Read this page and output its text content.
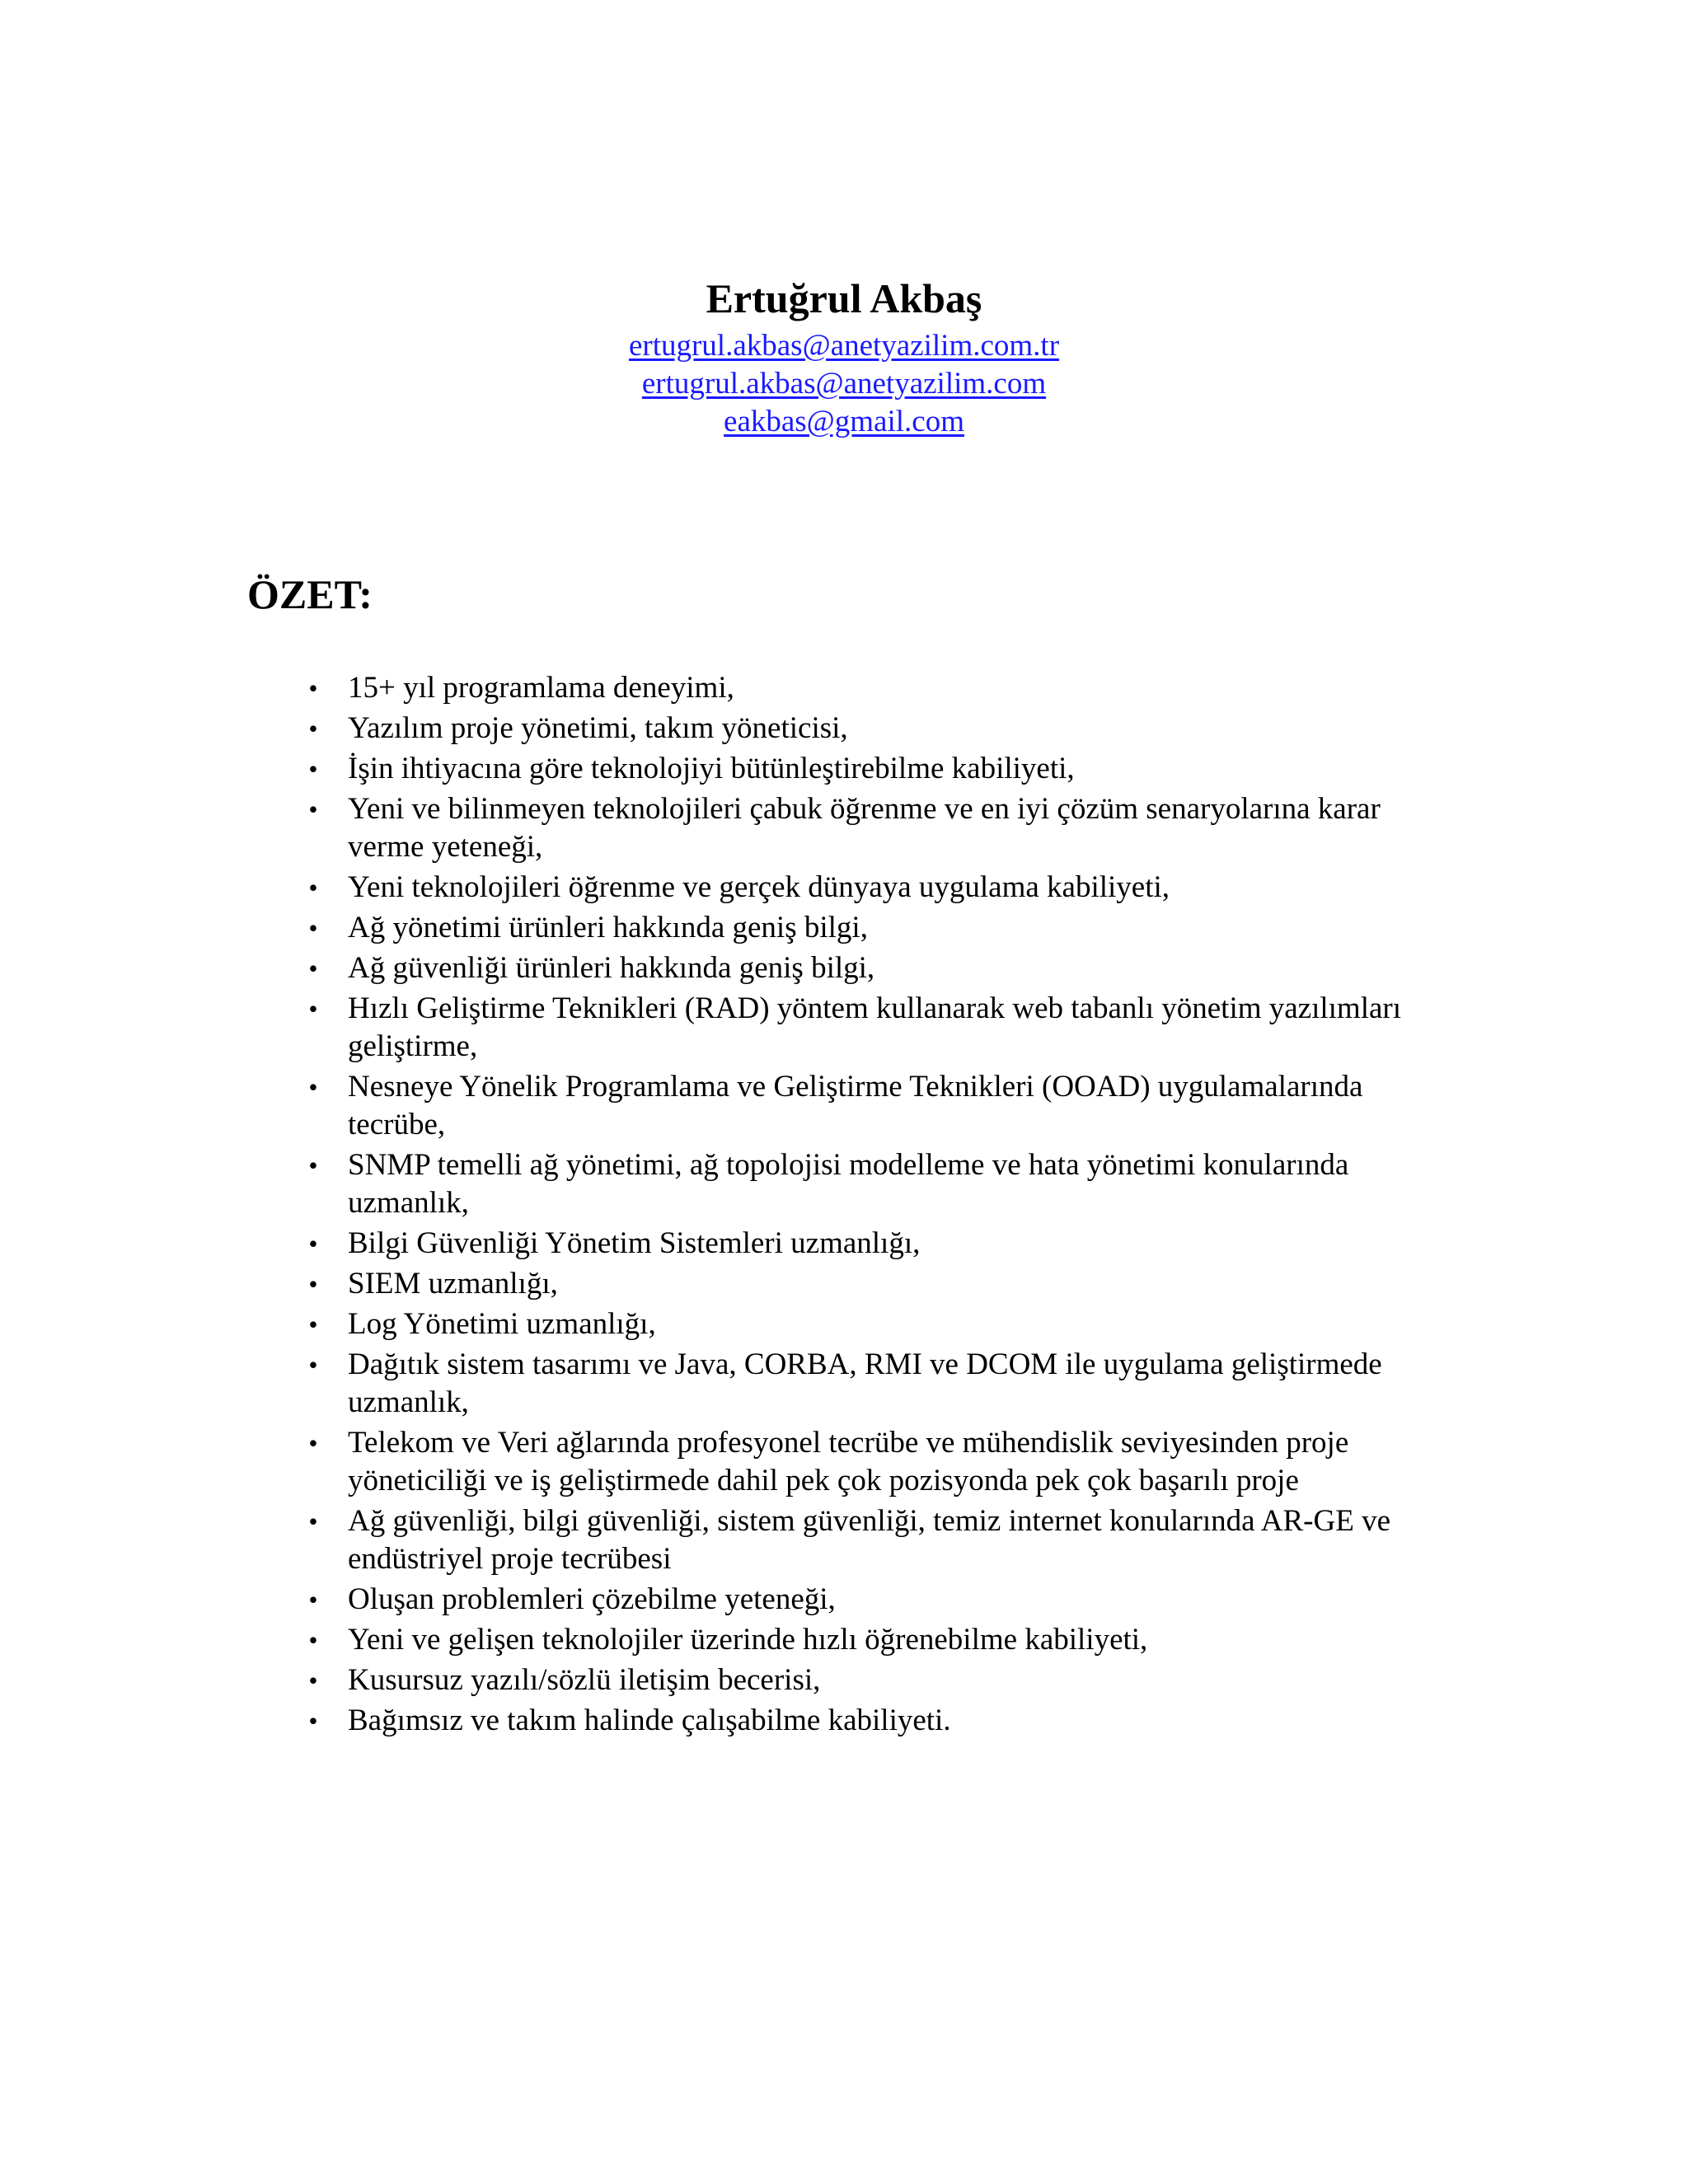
Ertuğrul Akbaş
ertugrul.akbas@anetyazilim.com.tr
ertugrul.akbas@anetyazilim.com
eakbas@gmail.com
ÖZET:
• 15+ yıl programlama deneyimi,
• Yazılım proje yönetimi, takım yöneticisi,
• İşin ihtiyacına göre teknolojiyi bütünleştirebilme kabiliyeti,
• Yeni ve bilinmeyen teknolojileri çabuk öğrenme ve en iyi çözüm senaryolarına karar verme yeteneği,
• Yeni teknolojileri öğrenme ve gerçek dünyaya uygulama kabiliyeti,
• Ağ yönetimi ürünleri hakkında geniş bilgi,
• Ağ güvenliği ürünleri hakkında geniş bilgi,
• Hızlı Geliştirme Teknikleri (RAD) yöntem kullanarak web tabanlı yönetim yazılımları geliştirme,
• Nesneye Yönelik Programlama ve Geliştirme Teknikleri (OOAD) uygulamalarında tecrübe,
• SNMP temelli ağ yönetimi, ağ topolojisi modelleme ve hata yönetimi konularında uzmanlık,
• Bilgi Güvenliği Yönetim Sistemleri uzmanlığı,
• SIEM uzmanlığı,
• Log Yönetimi uzmanlığı,
• Dağıtık sistem tasarımı ve Java, CORBA, RMI ve DCOM ile uygulama geliştirmede uzmanlık,
• Telekom ve Veri ağlarında profesyonel tecrübe ve mühendislik seviyesinden proje yöneticiliği ve iş geliştirmede dahil pek çok pozisyonda pek çok başarılı proje
• Ağ güvenliği, bilgi güvenliği, sistem güvenliği, temiz internet konularında AR-GE ve endüstriyel proje tecrübesi
• Oluşan problemleri çözebilme yeteneği,
• Yeni ve gelişen teknolojiler üzerinde hızlı öğrenebilme kabiliyeti,
• Kusursuz yazılı/sözlü iletişim becerisi,
• Bağımsız ve takım halinde çalışabilme kabiliyeti.
